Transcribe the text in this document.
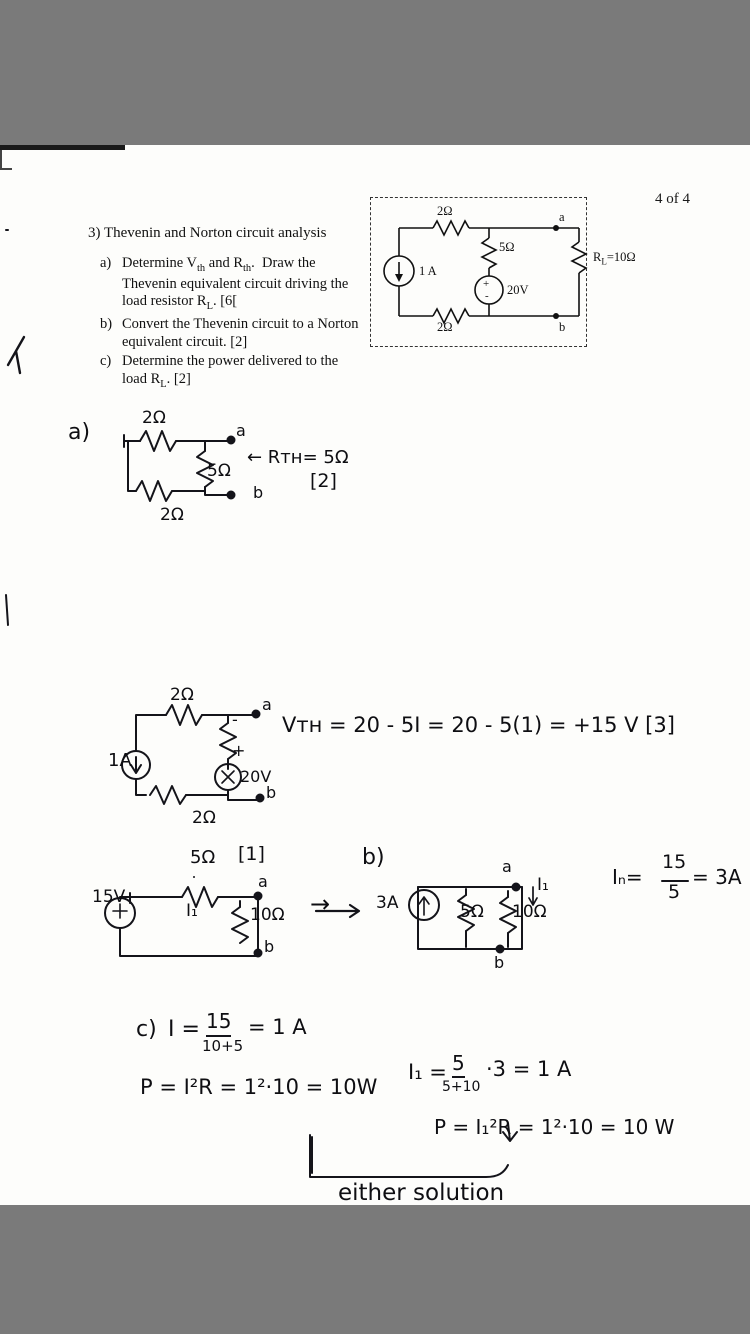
4 of 4
3) Thevenin and Norton circuit analysis
a) Determine $V_{th}$ and $R_{th}$.  Draw the Thevenin equivalent circuit driving the load resistor $R_L$. [6[
b) Convert the Thevenin circuit to a Norton equivalent circuit. [2]
c) Determine the power delivered to the load $R_L$. [2]
2Ω
5Ω
2Ω
1 A
20V
+
-
$R_L=10\Omega$
a
b
a)
2Ω
5Ω
2Ω
a
b
← Rᴛʜ= 5Ω
[2]
2Ω
-
+
2Ω
1A
20V
a
b
Vᴛʜ = 20 - 5I = 20 - 5(1) = +15 V [3]
5Ω [1]
15V
I₁	10Ω
a
b
b)
3A	5Ω 10Ω
I₁
a
b
Iₙ=
15
5
= 3A
c) I = 15
10+5
= 1 A
P = I²R = 1²·10 = 10W
I₁ = 5
5+10
·3 = 1 A
P = I₁²R = 1²·10 = 10 W
either solution
→
